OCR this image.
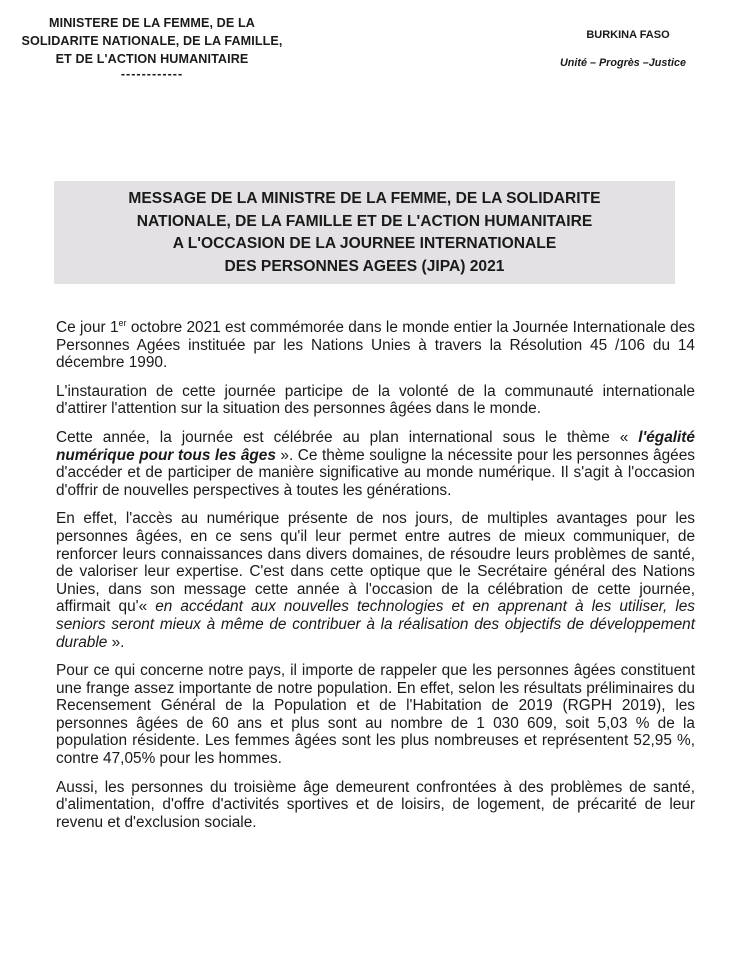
MINISTERE DE LA FEMME, DE LA
SOLIDARITE NATIONALE, DE LA FAMILLE,
ET DE L'ACTION HUMANITAIRE
------------
BURKINA FASO
Unité – Progrès –Justice
MESSAGE DE LA MINISTRE DE LA FEMME, DE LA SOLIDARITE
NATIONALE, DE LA FAMILLE ET DE L'ACTION HUMANITAIRE
A L'OCCASION DE LA JOURNEE INTERNATIONALE
DES PERSONNES AGEES (JIPA) 2021

Ce jour 1er octobre 2021 est commémorée dans le monde entier la Journée Internationale des Personnes Agées instituée par les Nations Unies à travers la Résolution 45 /106 du 14 décembre 1990.

L'instauration de cette journée participe de la volonté de la communauté internationale d'attirer l'attention sur la situation des personnes âgées dans le monde.

Cette année, la journée est célébrée au plan international sous le thème « l'égalité numérique pour tous les âges ». Ce thème souligne la nécessite pour les personnes âgées d'accéder et de participer de manière significative au monde numérique. Il s'agit à l'occasion d'offrir de nouvelles perspectives à toutes les générations.

En effet, l'accès au numérique présente de nos jours, de multiples avantages pour les personnes âgées, en ce sens qu'il leur permet entre autres de mieux communiquer, de renforcer leurs connaissances dans divers domaines, de résoudre leurs problèmes de santé, de valoriser leur expertise. C'est dans cette optique que le Secrétaire général des Nations Unies, dans son message cette année à l'occasion de la célébration de cette journée, affirmait qu'« en accédant aux nouvelles technologies et en apprenant à les utiliser, les seniors seront mieux à même de contribuer à la réalisation des objectifs de développement durable ».

Pour ce qui concerne notre pays, il importe de rappeler que les personnes âgées constituent une frange assez importante de notre population. En effet, selon les résultats préliminaires du Recensement Général de la Population et de l'Habitation de 2019 (RGPH 2019), les personnes âgées de 60 ans et plus sont au nombre de 1 030 609, soit 5,03 % de la population résidente. Les femmes âgées sont les plus nombreuses et représentent 52,95 %, contre 47,05% pour les hommes.

Aussi, les personnes du troisième âge demeurent confrontées à des problèmes de santé, d'alimentation, d'offre d'activités sportives et de loisirs, de logement, de précarité de leur revenu et d'exclusion sociale.
